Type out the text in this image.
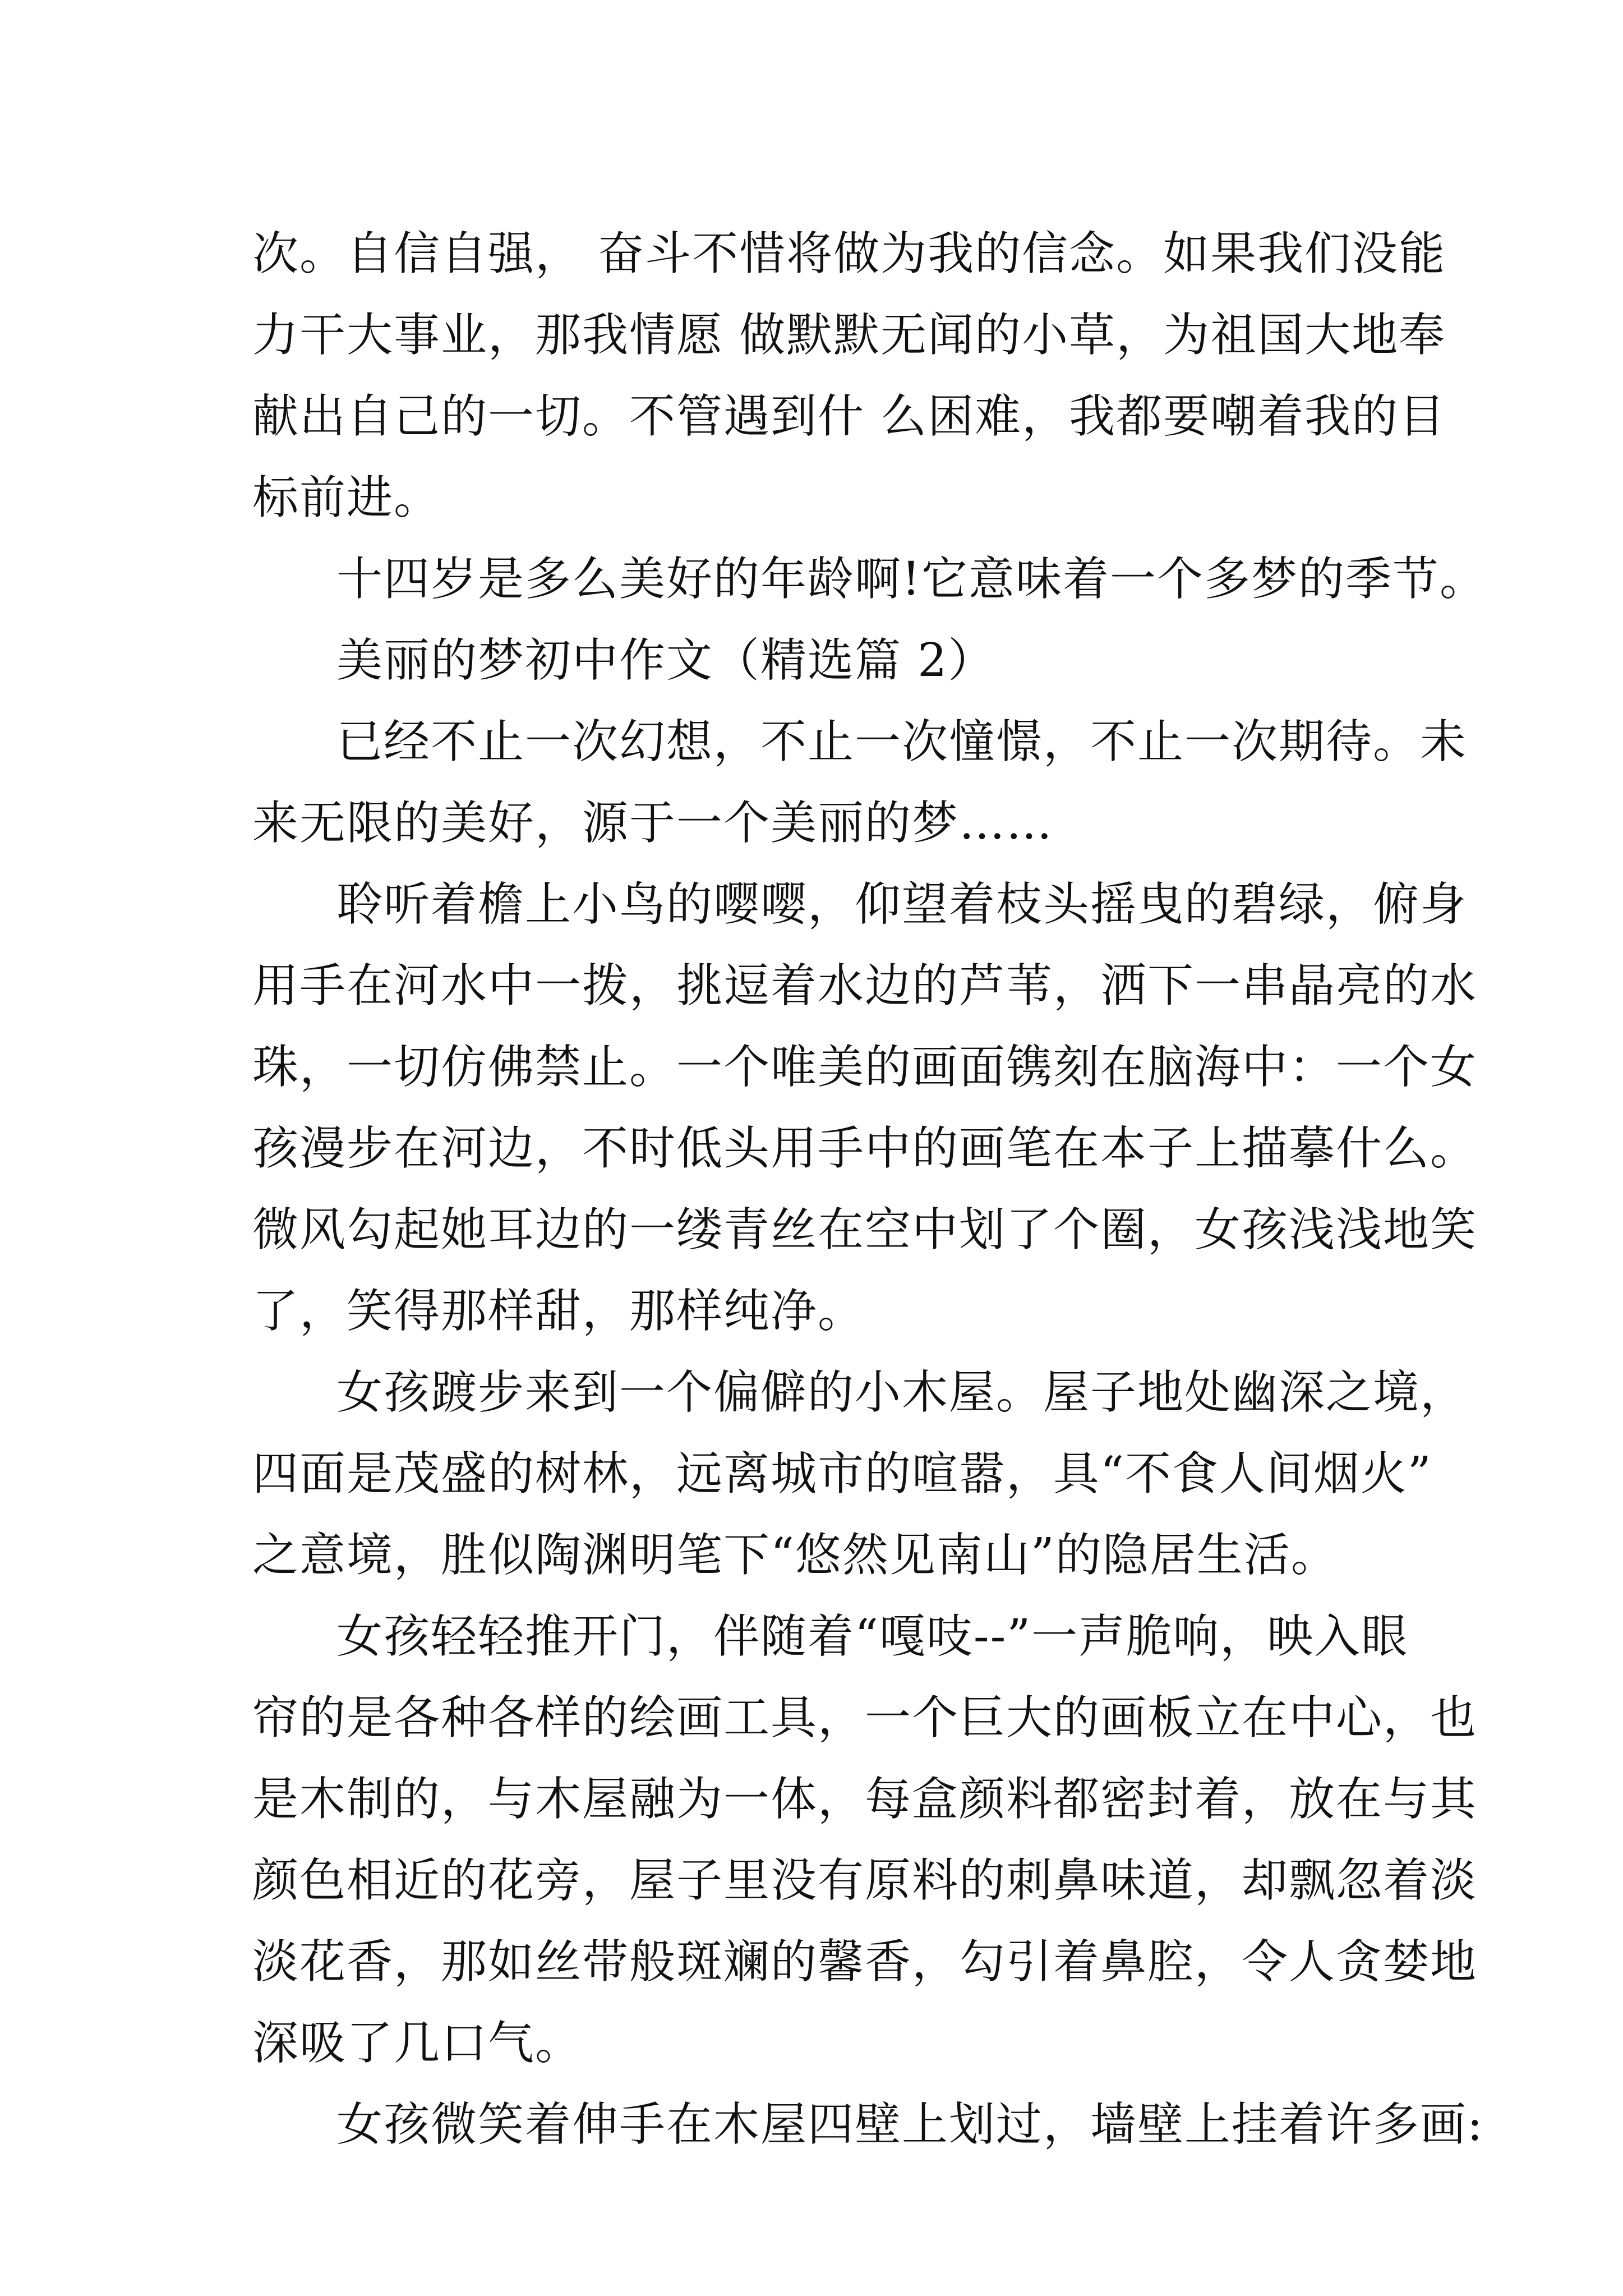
次。自信自强， 奋斗不惜将做为我的信念。如果我们没能
力干大事业，那我情愿 做默默无闻的小草，为祖国大地奉
献出自己的一切。不管遇到什 么困难，我都要嘲着我的目
标前进。
十四岁是多么美好的年龄啊!它意味着一个多梦的季节。
美丽的梦初中作文（精选篇 2）
已经不止一次幻想，不止一次憧憬，不止一次期待。未
来无限的美好，源于一个美丽的梦……
聆听着檐上小鸟的嘤嘤，仰望着枝头摇曳的碧绿，俯身
用手在河水中一拨，挑逗着水边的芦苇，洒下一串晶亮的水
珠，一切仿佛禁止。一个唯美的画面镌刻在脑海中：一个女
孩漫步在河边，不时低头用手中的画笔在本子上描摹什么。
微风勾起她耳边的一缕青丝在空中划了个圈，女孩浅浅地笑
了，笑得那样甜，那样纯净。
女孩踱步来到一个偏僻的小木屋。屋子地处幽深之境，
四面是茂盛的树林，远离城市的喧嚣，具“不食人间烟火”
之意境，胜似陶渊明笔下“悠然见南山”的隐居生活。
女孩轻轻推开门，伴随着“嘎吱--”一声脆响，映入眼
帘的是各种各样的绘画工具，一个巨大的画板立在中心，也
是木制的，与木屋融为一体，每盒颜料都密封着，放在与其
颜色相近的花旁，屋子里没有原料的刺鼻味道，却飘忽着淡
淡花香，那如丝带般斑斓的馨香，勾引着鼻腔，令人贪婪地
深吸了几口气。
女孩微笑着伸手在木屋四壁上划过，墙壁上挂着许多画:
